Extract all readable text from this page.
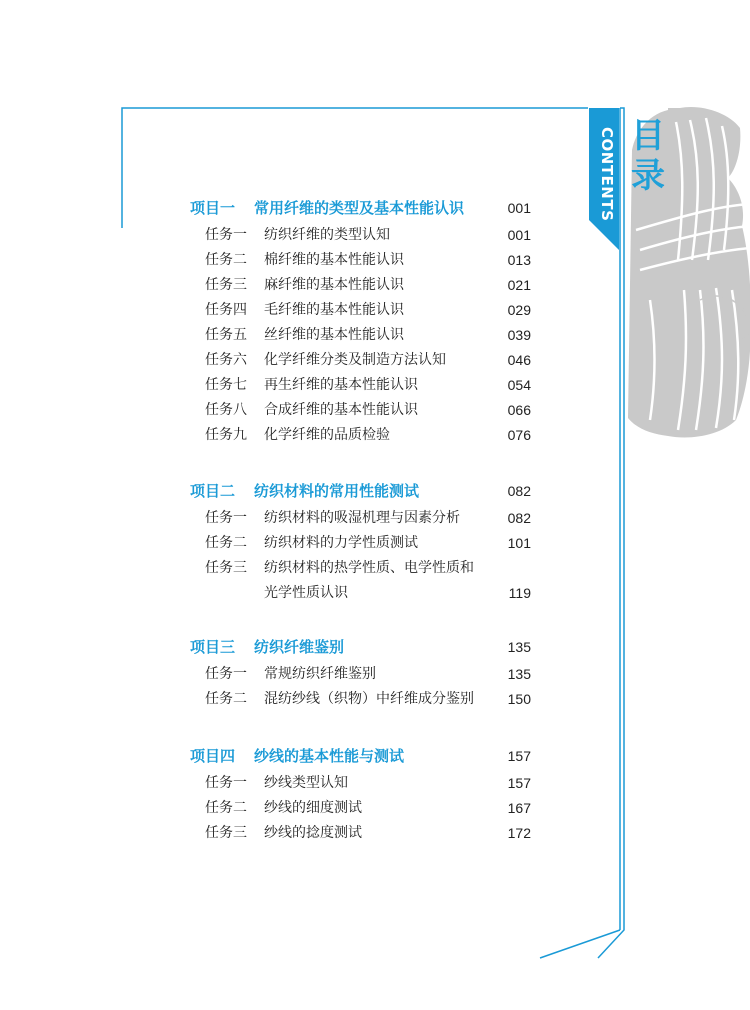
目录
CONTENTS
项目一 常用纤维的类型及基本性能认识	001
任务一 纺织纤维的类型认知	001
任务二 棉纤维的基本性能认识	013
任务三 麻纤维的基本性能认识	021
任务四 毛纤维的基本性能认识	029
任务五 丝纤维的基本性能认识	039
任务六 化学纤维分类及制造方法认知	046
任务七 再生纤维的基本性能认识	054
任务八 合成纤维的基本性能认识	066
任务九 化学纤维的品质检验	076
项目二 纺织材料的常用性能测试	082
任务一 纺织材料的吸湿机理与因素分析	082
任务二 纺织材料的力学性质测试	101
任务三 纺织材料的热学性质、电学性质和
光学性质认识	119
项目三 纺织纤维鉴别	135
任务一 常规纺织纤维鉴别	135
任务二 混纺纱线（织物）中纤维成分鉴别 150
项目四 纱线的基本性能与测试	157
任务一 纱线类型认知	157
任务二 纱线的细度测试	167
任务三 纱线的捻度测试	172
